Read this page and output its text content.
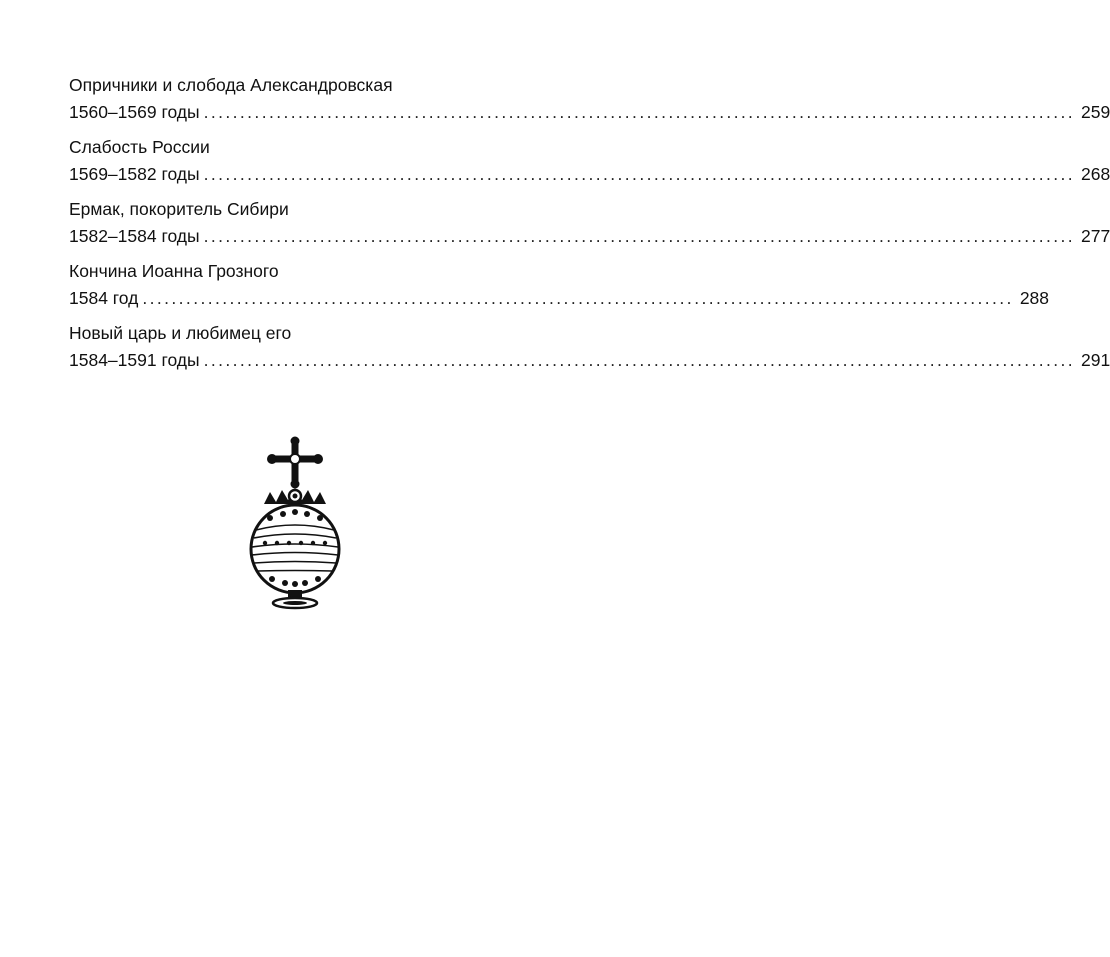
Опричники и слобода Александровская
1560–1569 годы ........................................................................................................................ 259
Слабость России
1569–1582 годы ........................................................................................................................ 268
Ермак, покоритель Сибири
1582–1584 годы ........................................................................................................................ 277
Кончина Иоанна Грозного
1584 год ........................................................................................................................ 288
Новый царь и любимец его
1584–1591 годы ........................................................................................................................ 291
